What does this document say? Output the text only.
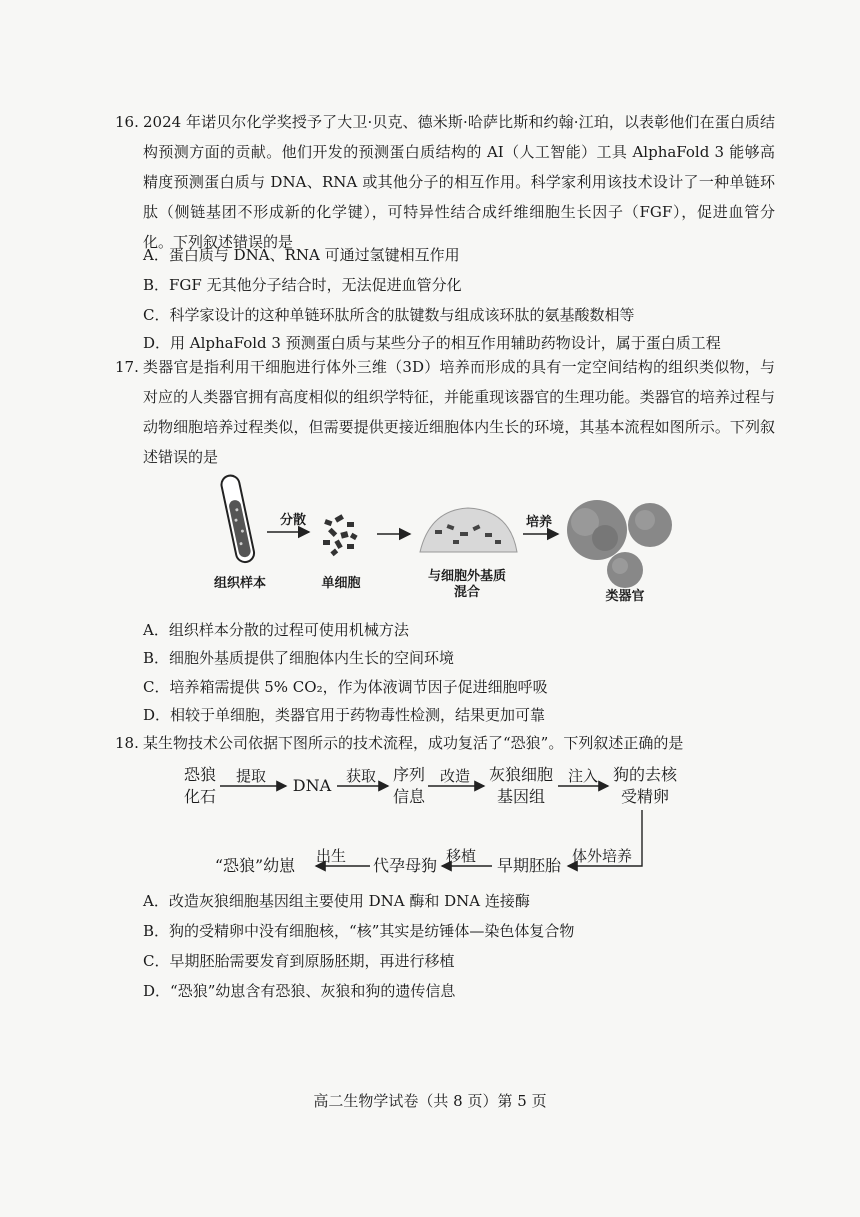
16. 2024 年诺贝尔化学奖授予了大卫·贝克、德米斯·哈萨比斯和约翰·江珀，以表彰他们在蛋白质结构预测方面的贡献。他们开发的预测蛋白质结构的 AI（人工智能）工具 AlphaFold 3 能够高精度预测蛋白质与 DNA、RNA 或其他分子的相互作用。科学家利用该技术设计了一种单链环肽（侧链基团不形成新的化学键），可特异性结合成纤维细胞生长因子（FGF），促进血管分化。下列叙述错误的是
A．蛋白质与 DNA、RNA 可通过氢键相互作用
B．FGF 无其他分子结合时，无法促进血管分化
C．科学家设计的这种单链环肽所含的肽键数与组成该环肽的氨基酸数相等
D．用 AlphaFold 3 预测蛋白质与某些分子的相互作用辅助药物设计，属于蛋白质工程
17. 类器官是指利用干细胞进行体外三维（3D）培养而形成的具有一定空间结构的组织类似物，与对应的人类器官拥有高度相似的组织学特征，并能重现该器官的生理功能。类器官的培养过程与动物细胞培养过程类似，但需要提供更接近细胞体内生长的环境，其基本流程如图所示。下列叙述错误的是
组织样本
分散
单细胞	与细胞外基质
混合
培养
类器官
A．组织样本分散的过程可使用机械方法
B．细胞外基质提供了细胞体内生长的空间环境
C．培养箱需提供 5% CO₂，作为体液调节因子促进细胞呼吸
D．相较于单细胞，类器官用于药物毒性检测，结果更加可靠
18. 某生物技术公司依据下图所示的技术流程，成功复活了“恐狼”。下列叙述正确的是
恐狼
化石
提取 DNA 获取 序列
信息
改造	灰狼细胞
基因组
注入 狗的去核
受精卵
体外培养
早期胚胎
移植
代孕母狗
出生
“恐狼”幼崽
A．改造灰狼细胞基因组主要使用 DNA 酶和 DNA 连接酶
B．狗的受精卵中没有细胞核，“核”其实是纺锤体—染色体复合物
C．早期胚胎需要发育到原肠胚期，再进行移植
D．“恐狼”幼崽含有恐狼、灰狼和狗的遗传信息
高二生物学试卷（共 8 页）第 5 页
